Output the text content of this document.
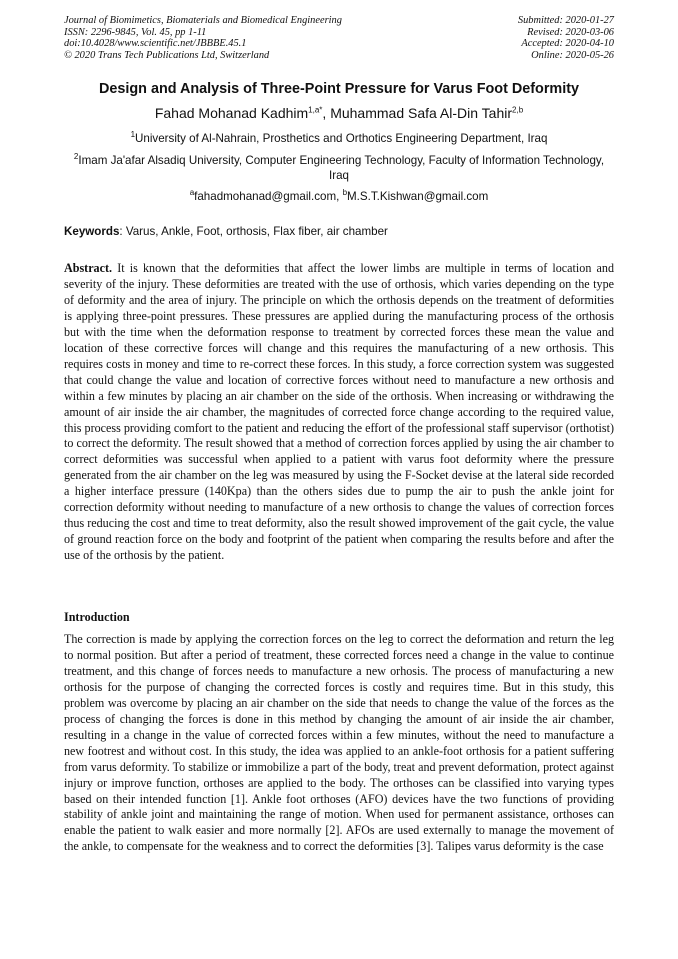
Journal of Biomimetics, Biomaterials and Biomedical Engineering
ISSN: 2296-9845, Vol. 45, pp 1-11
doi:10.4028/www.scientific.net/JBBBE.45.1
© 2020 Trans Tech Publications Ltd, Switzerland
Submitted: 2020-01-27
Revised: 2020-03-06
Accepted: 2020-04-10
Online: 2020-05-26
Design and Analysis of Three-Point Pressure for Varus Foot Deformity
Fahad Mohanad Kadhim$^{1,a*}$, Muhammad Safa Al-Din Tahir$^{2,b}$
$^1$University of Al-Nahrain, Prosthetics and Orthotics Engineering Department, Iraq
$^2$Imam Ja'afar Alsadiq University, Computer Engineering Technology, Faculty of Information Technology, Iraq
$^a$fahadmohanad@gmail.com, $^b$M.S.T.Kishwan@gmail.com
Keywords: Varus, Ankle, Foot, orthosis, Flax fiber, air chamber
Abstract. It is known that the deformities that affect the lower limbs are multiple in terms of location and severity of the injury. These deformities are treated with the use of orthosis, which varies depending on the type of deformity and the area of injury. The principle on which the orthosis depends on the treatment of deformities is applying three-point pressures. These pressures are applied during the manufacturing process of the orthosis but with the time when the deformation response to treatment by corrected forces these mean the value and location of these corrective forces will change and this requires the manufacturing of a new orthosis. This requires costs in money and time to re-correct these forces. In this study, a force correction system was suggested that could change the value and location of corrective forces without need to manufacture a new orthosis and within a few minutes by placing an air chamber on the side of the orthosis. When increasing or withdrawing the amount of air inside the air chamber, the magnitudes of corrected force change according to the required value, this process providing comfort to the patient and reducing the effort of the professional staff supervisor (orthotist) to correct the deformity. The result showed that a method of correction forces applied by using the air chamber to correct deformities was successful when applied to a patient with varus foot deformity where the pressure generated from the air chamber on the leg was measured by using the F-Socket devise at the lateral side recorded a higher interface pressure (140Kpa) than the others sides due to pump the air to push the ankle joint for correction deformity without needing to manufacture of a new orthosis to change the values of correction forces thus reducing the cost and time to treat deformity, also the result showed improvement of the gait cycle, the value of ground reaction force on the body and footprint of the patient when comparing the results before and after the use of the orthosis by the patient.
Introduction
The correction is made by applying the correction forces on the leg to correct the deformation and return the leg to normal position. But after a period of treatment, these corrected forces need a change in the value to continue treatment, and this change of forces needs to manufacture a new orhosis. The process of manufacturing a new orthosis for the purpose of changing the corrected forces is costly and requires time. But in this study, this problem was overcome by placing an air chamber on the side that needs to change the value of the forces as the process of changing the forces is done in this method by changing the amount of air inside the air chamber, resulting in a change in the value of corrected forces within a few minutes, without the need to manufacture a new footrest and without cost. In this study, the idea was applied to an ankle-foot orthosis for a patient suffering from varus deformity. To stabilize or immobilize a part of the body, treat and prevent deformation, protect against injury or improve function, orthoses are applied to the body. The orthoses can be classified into varying types based on their intended function [1]. Ankle foot orthoses (AFO) devices have the two functions of providing stability of ankle joint and maintaining the range of motion. When used for permanent assistance, orthoses can enable the patient to walk easier and more normally [2]. AFOs are used externally to manage the movement of the ankle, to compensate for the weakness and to correct the deformities [3]. Talipes varus deformity is the case
